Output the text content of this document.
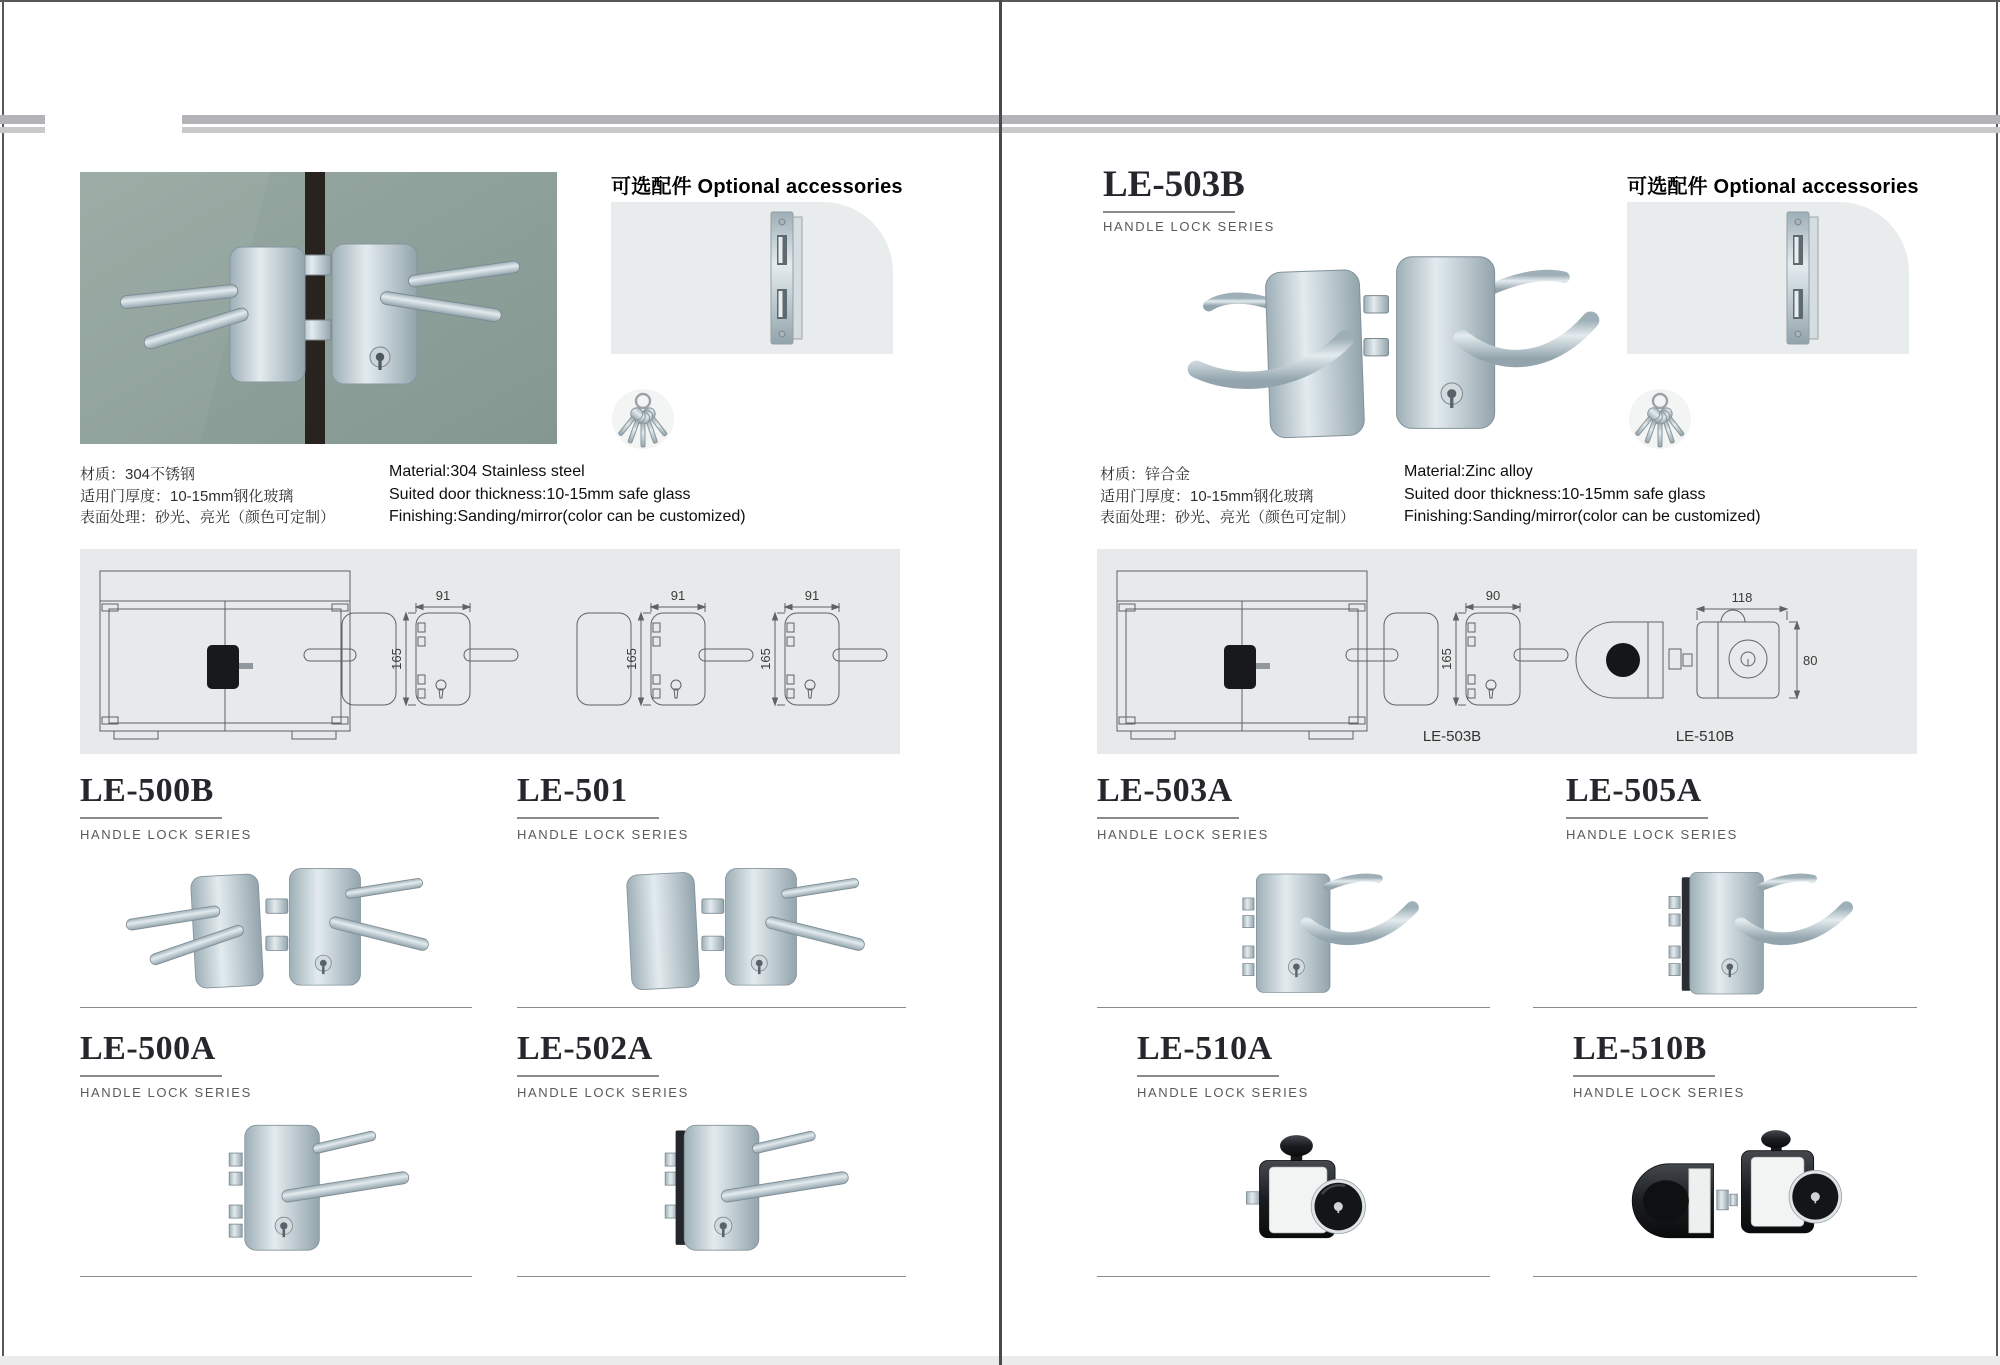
可选配件 Optional accessories
材质：304不锈钢
适用门厚度：10-15mm钢化玻璃
表面处理：砂光、亮光（颜色可定制）
Material:304 Stainless steel
Suited door thickness:10-15mm safe glass
Finishing:Sanding/mirror(color can be customized)
91
165
91
165
91
165
LE-500B
HANDLE LOCK SERIES
LE-501
HANDLE LOCK SERIES
LE-500A
HANDLE LOCK SERIES
LE-502A
HANDLE LOCK SERIES
LE-503B
HANDLE LOCK SERIES
可选配件 Optional accessories
材质：锌合金
适用门厚度：10-15mm钢化玻璃
表面处理：砂光、亮光（颜色可定制）
Material:Zinc alloy
Suited door thickness:10-15mm safe glass
Finishing:Sanding/mirror(color can be customized)
90
165
LE-503B
118
80
LE-510B
LE-503A
HANDLE LOCK SERIES
LE-505A
HANDLE LOCK SERIES
LE-510A
HANDLE LOCK SERIES
LE-510B
HANDLE LOCK SERIES
